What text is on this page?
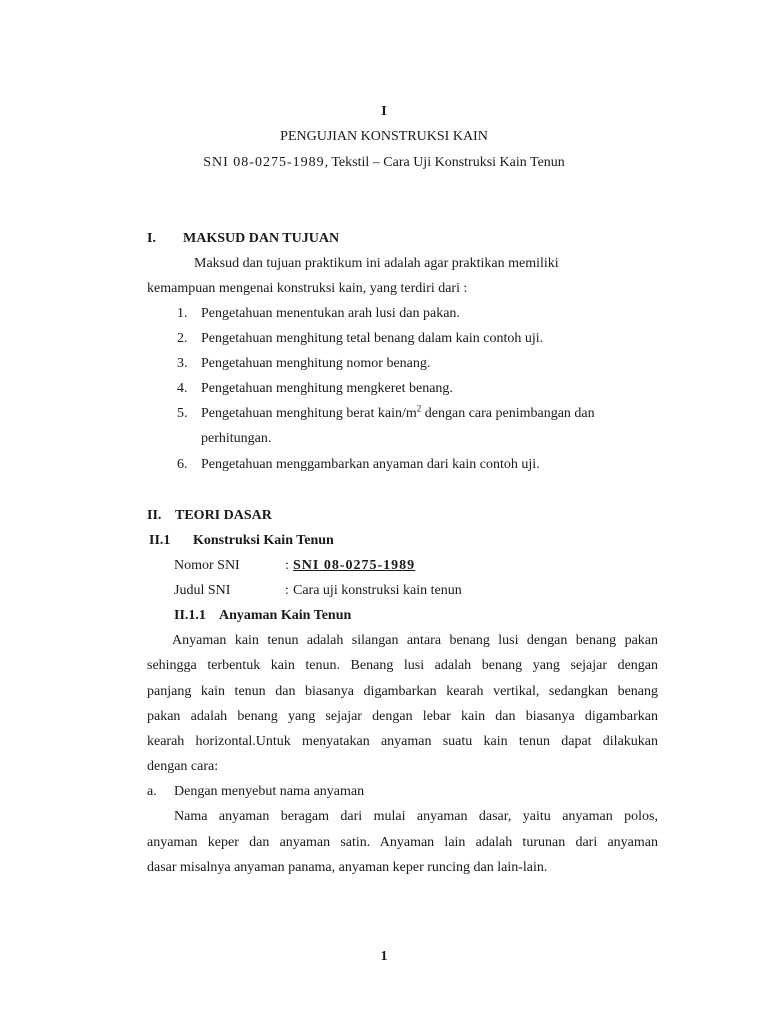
I
PENGUJIAN KONSTRUKSI KAIN
SNI 08-0275-1989, Tekstil – Cara Uji Konstruksi Kain Tenun
I. MAKSUD DAN TUJUAN
Maksud dan tujuan praktikum ini adalah agar praktikan memiliki
kemampuan mengenai konstruksi kain, yang terdiri dari :
1. Pengetahuan menentukan arah lusi dan pakan.
2. Pengetahuan menghitung tetal benang dalam kain contoh uji.
3. Pengetahuan menghitung nomor benang.
4. Pengetahuan menghitung mengkeret benang.
5. Pengetahuan menghitung berat kain/$m^2$ dengan cara penimbangan dan
perhitungan.
6. Pengetahuan menggambarkan anyaman dari kain contoh uji.
II. TEORI DASAR
II.1 Konstruksi Kain Tenun
Nomor SNI	: SNI 08-0275-1989
Judul SNI	: Cara uji konstruksi kain tenun
II.1.1 Anyaman Kain Tenun
Anyaman kain tenun adalah silangan antara benang lusi dengan benang pakan
sehingga terbentuk kain tenun. Benang lusi adalah benang yang sejajar dengan
panjang kain tenun dan biasanya digambarkan kearah vertikal, sedangkan benang
pakan adalah benang yang sejajar dengan lebar kain dan biasanya digambarkan
kearah horizontal.Untuk menyatakan anyaman suatu kain tenun dapat dilakukan
dengan cara:
a. Dengan menyebut nama anyaman
Nama anyaman beragam dari mulai anyaman dasar, yaitu anyaman polos,
anyaman keper dan anyaman satin. Anyaman lain adalah turunan dari anyaman
dasar misalnya anyaman panama, anyaman keper runcing dan lain-lain.
1
